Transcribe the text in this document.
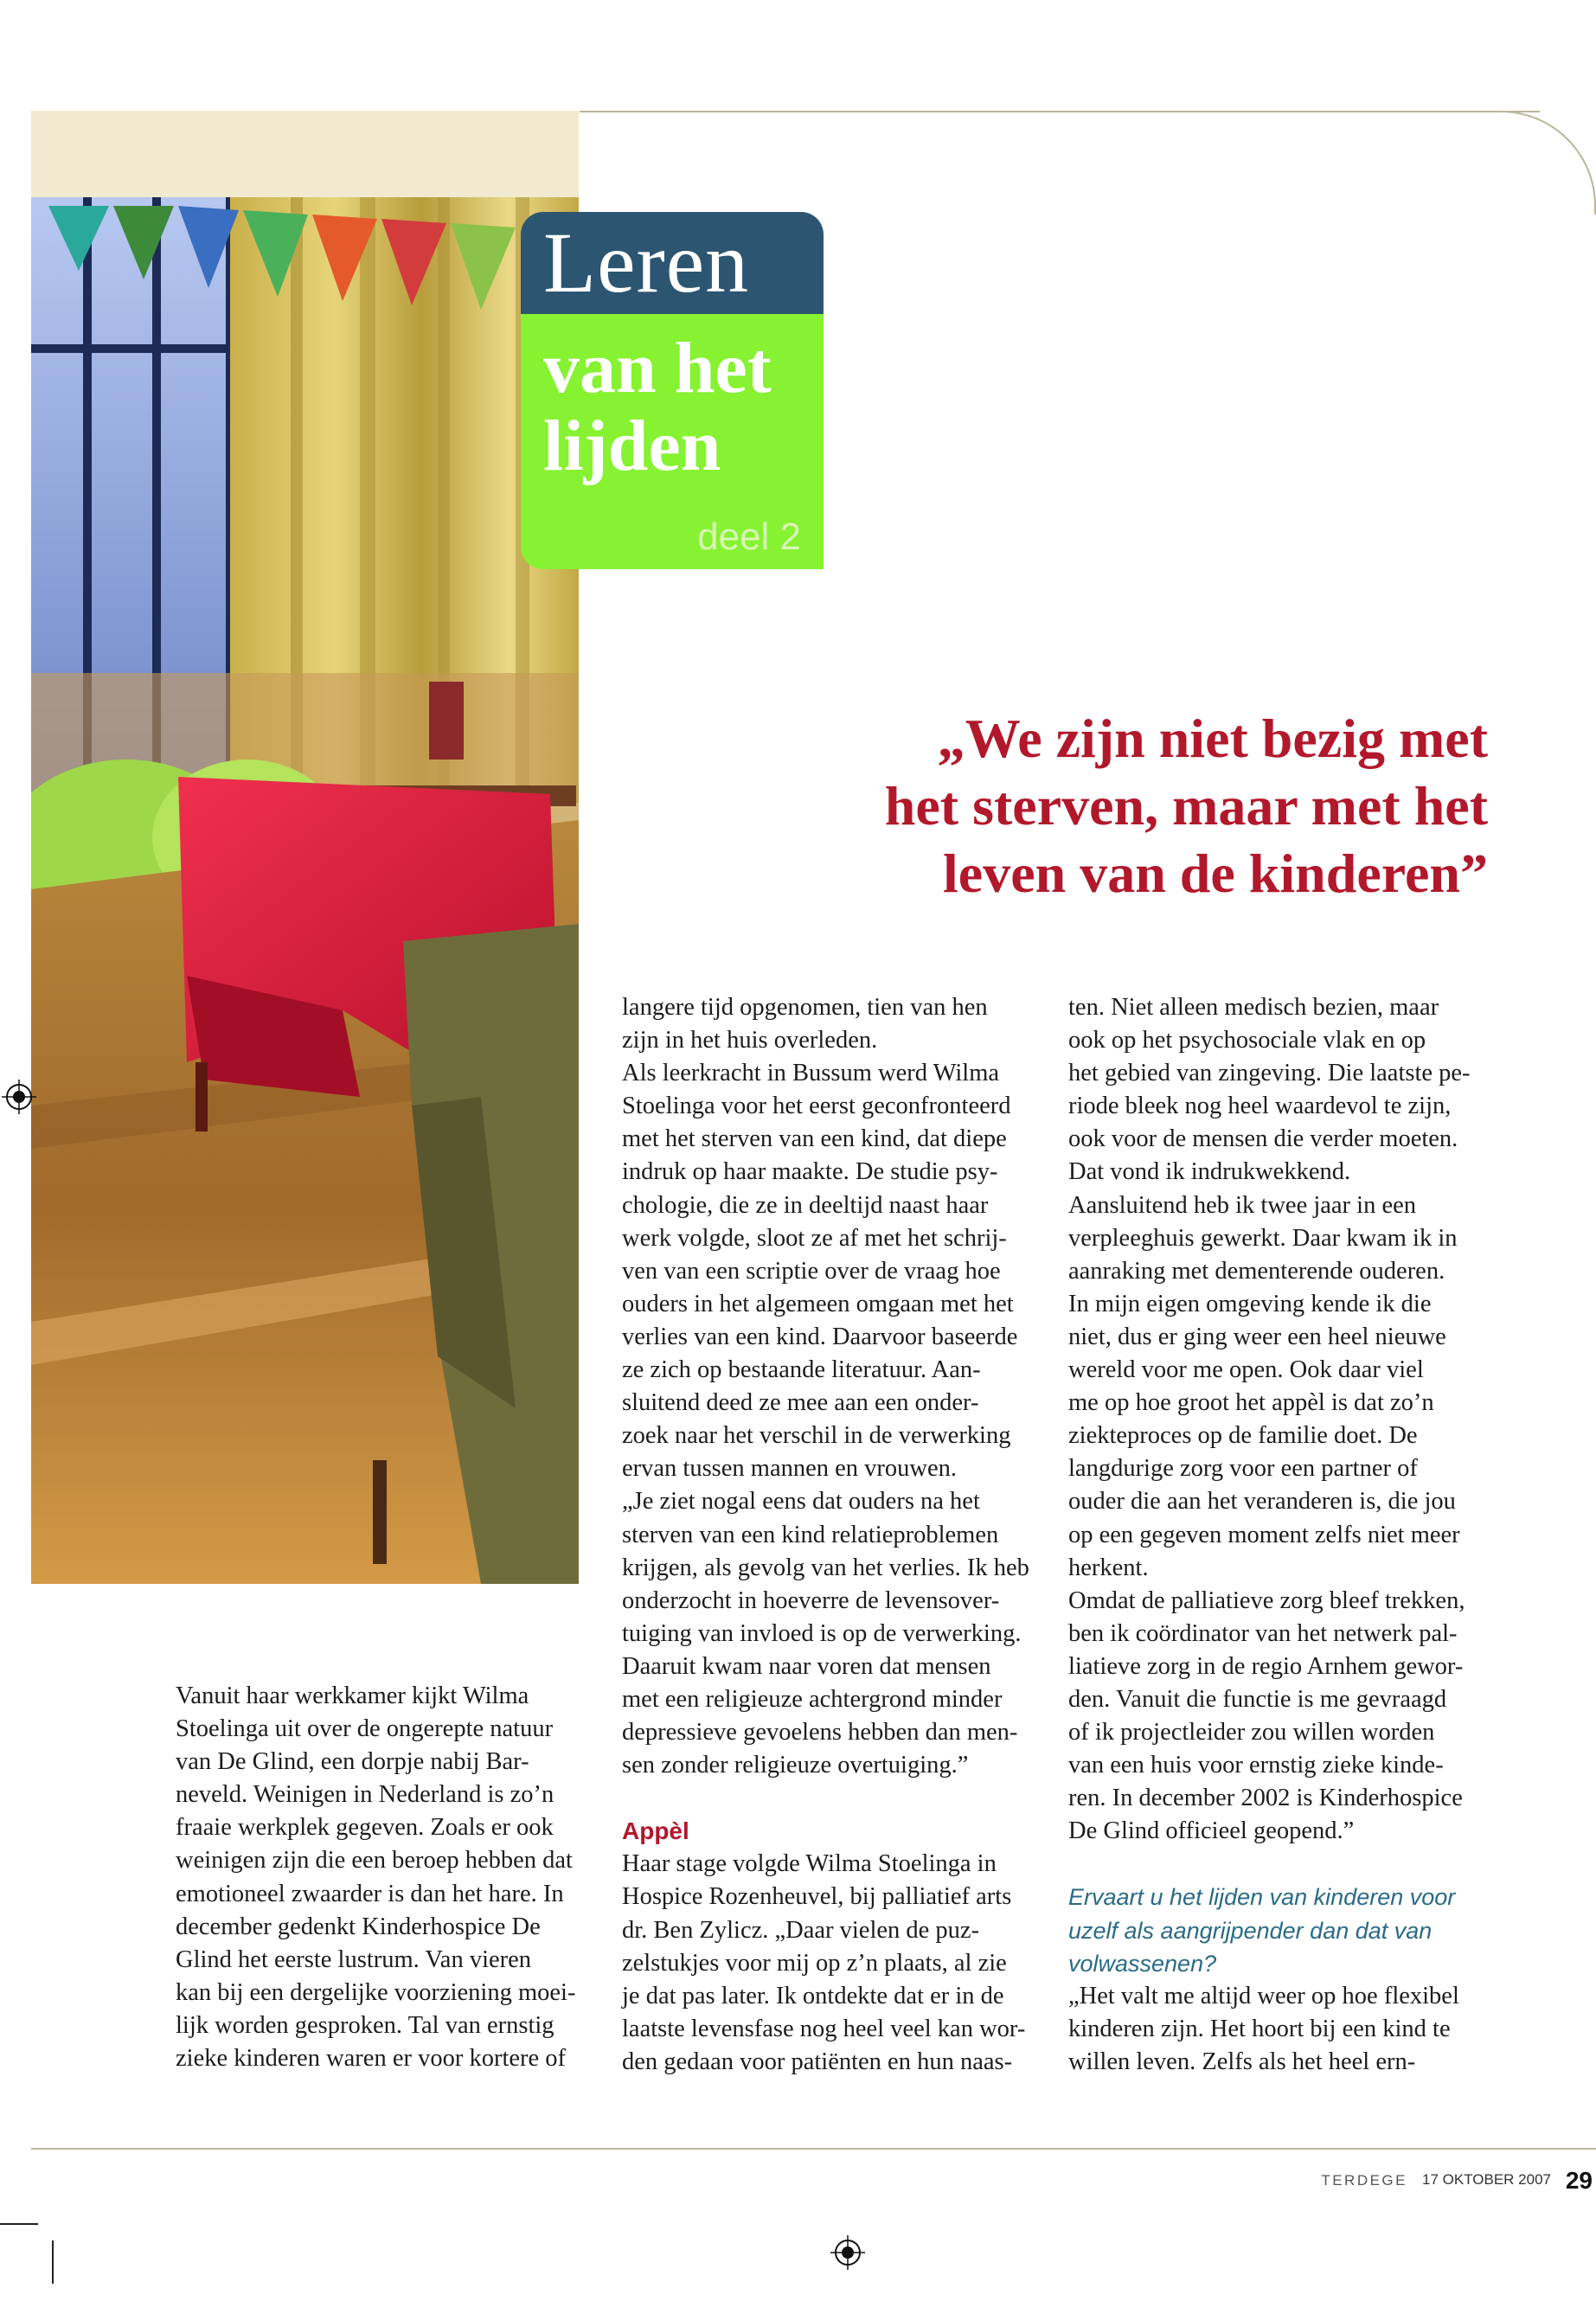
Leren
van het
lijden
deel 2
„We zijn niet bezig met
het sterven, maar met het
leven van de kinderen”
Vanuit haar werkkamer kijkt Wilma
Stoelinga uit over de ongerepte natuur
van De Glind, een dorpje nabij Bar-
neveld. Weinigen in Nederland is zo’n
fraaie werkplek gegeven. Zoals er ook
weinigen zijn die een beroep hebben dat
emotioneel zwaarder is dan het hare. In
december gedenkt Kinderhospice De
Glind het eerste lustrum. Van vieren
kan bij een dergelijke voorziening moei-
lijk worden gesproken. Tal van ernstig
zieke kinderen waren er voor kortere of
langere tijd opgenomen, tien van hen
zijn in het huis overleden.
Als leerkracht in Bussum werd Wilma
Stoelinga voor het eerst geconfronteerd
met het sterven van een kind, dat diepe
indruk op haar maakte. De studie psy-
chologie, die ze in deeltijd naast haar
werk volgde, sloot ze af met het schrij-
ven van een scriptie over de vraag hoe
ouders in het algemeen omgaan met het
verlies van een kind. Daarvoor baseerde
ze zich op bestaande literatuur. Aan-
sluitend deed ze mee aan een onder-
zoek naar het verschil in de verwerking
ervan tussen mannen en vrouwen.
„Je ziet nogal eens dat ouders na het
sterven van een kind relatieproblemen
krijgen, als gevolg van het verlies. Ik heb
onderzocht in hoeverre de levensover-
tuiging van invloed is op de verwerking.
Daaruit kwam naar voren dat mensen
met een religieuze achtergrond minder
depressieve gevoelens hebben dan men-
sen zonder religieuze overtuiging.”
Appèl
Haar stage volgde Wilma Stoelinga in
Hospice Rozenheuvel, bij palliatief arts
dr. Ben Zylicz. „Daar vielen de puz-
zelstukjes voor mij op z’n plaats, al zie
je dat pas later. Ik ontdekte dat er in de
laatste levensfase nog heel veel kan wor-
den gedaan voor patiënten en hun naas-
ten. Niet alleen medisch bezien, maar
ook op het psychosociale vlak en op
het gebied van zingeving. Die laatste pe-
riode bleek nog heel waardevol te zijn,
ook voor de mensen die verder moeten.
Dat vond ik indrukwekkend.
Aansluitend heb ik twee jaar in een
verpleeghuis gewerkt. Daar kwam ik in
aanraking met dementerende ouderen.
In mijn eigen omgeving kende ik die
niet, dus er ging weer een heel nieuwe
wereld voor me open. Ook daar viel
me op hoe groot het appèl is dat zo’n
ziekteproces op de familie doet. De
langdurige zorg voor een partner of
ouder die aan het veranderen is, die jou
op een gegeven moment zelfs niet meer
herkent.
Omdat de palliatieve zorg bleef trekken,
ben ik coördinator van het netwerk pal-
liatieve zorg in de regio Arnhem gewor-
den. Vanuit die functie is me gevraagd
of ik projectleider zou willen worden
van een huis voor ernstig zieke kinde-
ren. In december 2002 is Kinderhospice
De Glind officieel geopend.”
Ervaart u het lijden van kinderen voor
uzelf als aangrijpender dan dat van
volwassenen?
„Het valt me altijd weer op hoe flexibel
kinderen zijn. Het hoort bij een kind te
willen leven. Zelfs als het heel ern-
TERDEGE 17 OKTOBER 2007 29
